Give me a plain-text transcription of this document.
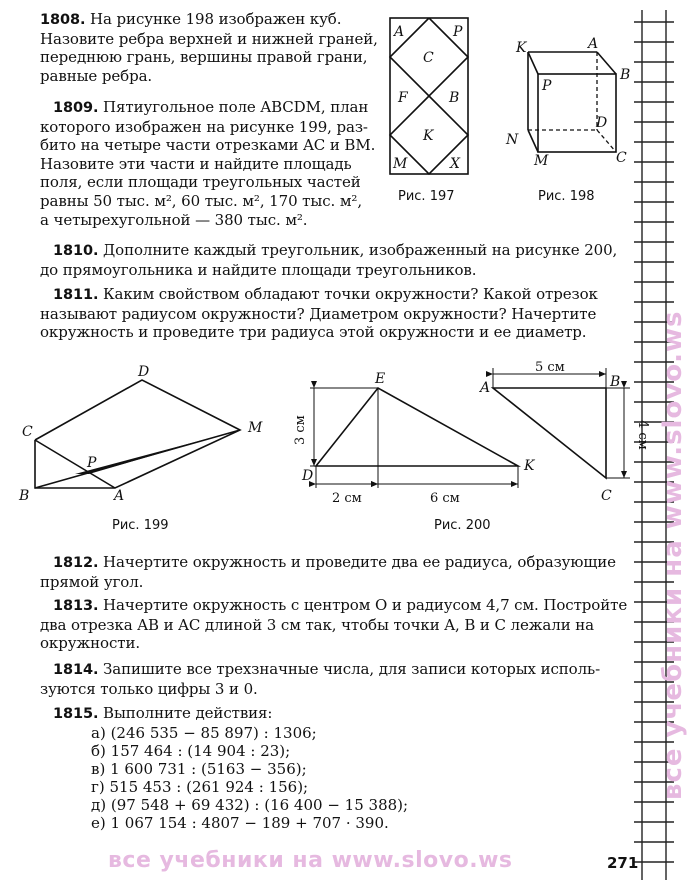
1808. На рисунке 198 изображен куб.
Назовите ребра верхней и нижней граней,
переднюю грань, вершины правой грани,
равные ребра.
1809. Пятиугольное поле ABCDM, план
которого изображен на рисунке 199, раз-
бито на четыре части отрезками AC и BM.
Назовите эти части и найдите площадь
поля, если площади треугольных частей
равны 50 тыс. м², 60 тыс. м², 170 тыс. м²,
а четырехугольной — 380 тыс. м².
A	P
C
F	B
K
M	X
Рис. 197
K	A
B
P
D
N
M	C
Рис. 198
1810. Дополните каждый треугольник, изображенный на рисунке 200,
до прямоугольника и найдите площади треугольников.
1811. Каким свойством обладают точки окружности? Какой отрезок
называют радиусом окружности? Диаметром окружности? Начертите
окружность и проведите три радиуса этой окружности и ее диаметр.
D
C	M
P
B	A
Рис. 199
E
D
K
A	B
C
3 см
2 см	6 см
5 см
4 см
Рис. 200
1812. Начертите окружность и проведите два ее радиуса, образующие
прямой угол.
1813. Начертите окружность с центром O и радиусом 4,7 см. Постройте
два отрезка AB и AC длиной 3 см так, чтобы точки A, B и C лежали на
окружности.
1814. Запишите все трехзначные числа, для записи которых исполь-
зуются только цифры 3 и 0.
1815. Выполните действия:
а) (246 535 − 85 897) : 1306;
б) 157 464 : (14 904 : 23);
в) 1 600 731 : (5163 − 356);
г) 515 453 : (261 924 : 156);
д) (97 548 + 69 432) : (16 400 − 15 388);
е) 1 067 154 : 4807 − 189 + 707 · 390.
все учебники на www.slovo.ws
все учебники на www.slovo.ws	271
